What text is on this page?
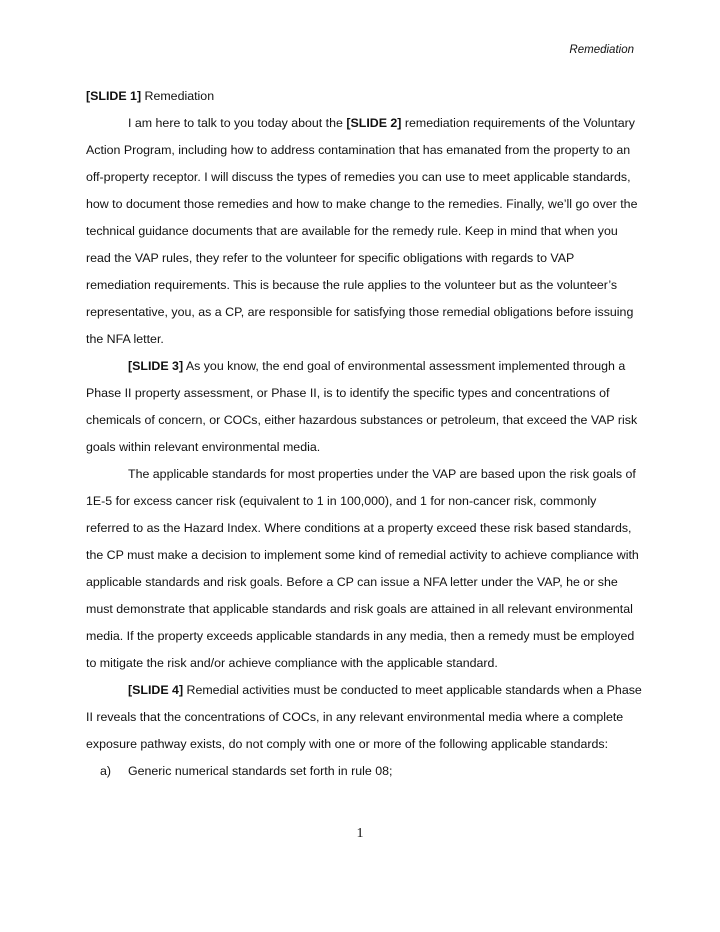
Remediation

[SLIDE 1] Remediation

I am here to talk to you today about the [SLIDE 2] remediation requirements of the Voluntary Action Program, including how to address contamination that has emanated from the property to an off-property receptor. I will discuss the types of remedies you can use to meet applicable standards, how to document those remedies and how to make change to the remedies. Finally, we’ll go over the technical guidance documents that are available for the remedy rule. Keep in mind that when you read the VAP rules, they refer to the volunteer for specific obligations with regards to VAP remediation requirements. This is because the rule applies to the volunteer but as the volunteer’s representative, you, as a CP, are responsible for satisfying those remedial obligations before issuing the NFA letter.

[SLIDE 3] As you know, the end goal of environmental assessment implemented through a Phase II property assessment, or Phase II, is to identify the specific types and concentrations of chemicals of concern, or COCs, either hazardous substances or petroleum, that exceed the VAP risk goals within relevant environmental media.

The applicable standards for most properties under the VAP are based upon the risk goals of 1E-5 for excess cancer risk (equivalent to 1 in 100,000), and 1 for non-cancer risk, commonly referred to as the Hazard Index. Where conditions at a property exceed these risk based standards, the CP must make a decision to implement some kind of remedial activity to achieve compliance with applicable standards and risk goals. Before a CP can issue a NFA letter under the VAP, he or she must demonstrate that applicable standards and risk goals are attained in all relevant environmental media. If the property exceeds applicable standards in any media, then a remedy must be employed to mitigate the risk and/or achieve compliance with the applicable standard.

[SLIDE 4] Remedial activities must be conducted to meet applicable standards when a Phase II reveals that the concentrations of COCs, in any relevant environmental media where a complete exposure pathway exists, do not comply with one or more of the following applicable standards:

a)	Generic numerical standards set forth in rule 08;
1
